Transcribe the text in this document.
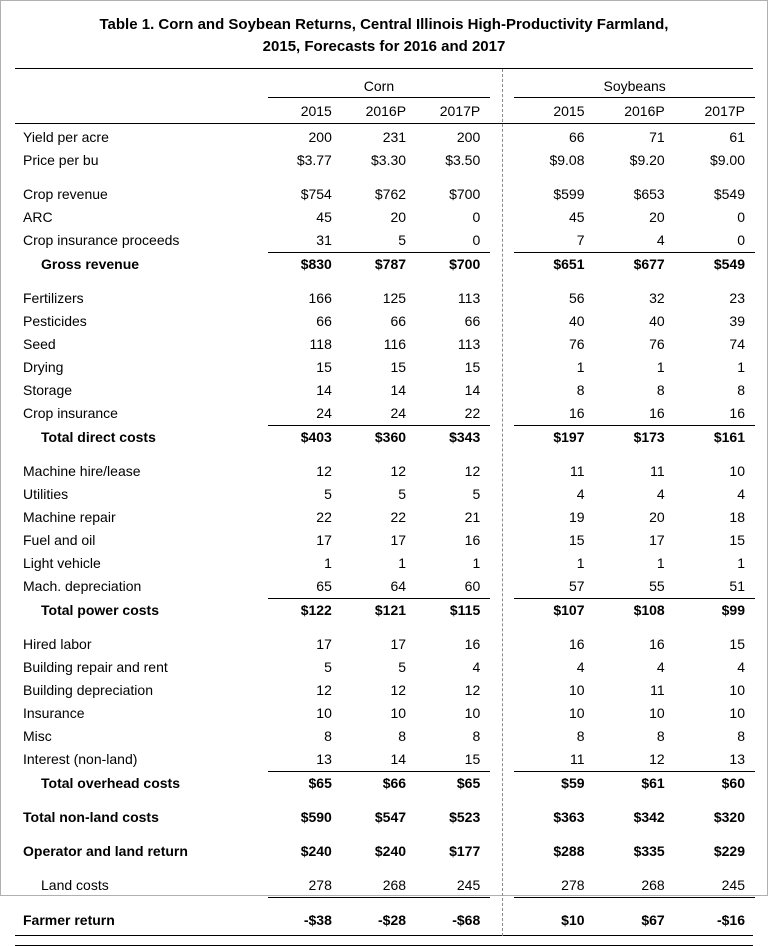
Table 1. Corn and Soybean Returns, Central Illinois High-Productivity Farmland,
2015, Forecasts for 2016 and 2017
	Corn				Soybeans		
	2015	2016P	2017P		2015	2016P	2017P
Yield per acre	200	231	200		66	71	61
Price per bu	$3.77	$3.30	$3.50		$9.08	$9.20	$9.00

Crop revenue	$754	$762	$700		$599	$653	$549
ARC	45	20	0		45	20	0
Crop insurance proceeds	31	5	0		7	4	0
Gross revenue	$830	$787	$700		$651	$677	$549

Fertilizers	166	125	113		56	32	23
Pesticides	66	66	66		40	40	39
Seed	118	116	113		76	76	74
Drying	15	15	15		1	1	1
Storage	14	14	14		8	8	8
Crop insurance	24	24	22		16	16	16
Total direct costs	$403	$360	$343		$197	$173	$161

Machine hire/lease	12	12	12		11	11	10
Utilities	5	5	5		4	4	4
Machine repair	22	22	21		19	20	18
Fuel and oil	17	17	16		15	17	15
Light vehicle	1	1	1		1	1	1
Mach. depreciation	65	64	60		57	55	51
Total power costs	$122	$121	$115		$107	$108	$99

Hired labor	17	17	16		16	16	15
Building repair and rent	5	5	4		4	4	4
Building depreciation	12	12	12		10	11	10
Insurance	10	10	10		10	10	10
Misc	8	8	8		8	8	8
Interest (non-land)	13	14	15		11	12	13
Total overhead costs	$65	$66	$65		$59	$61	$60

Total non-land costs	$590	$547	$523		$363	$342	$320

Operator and land return	$240	$240	$177		$288	$335	$229

Land costs	278	268	245		278	268	245

Farmer return	-$38	-$28	-$68		$10	$67	-$16
